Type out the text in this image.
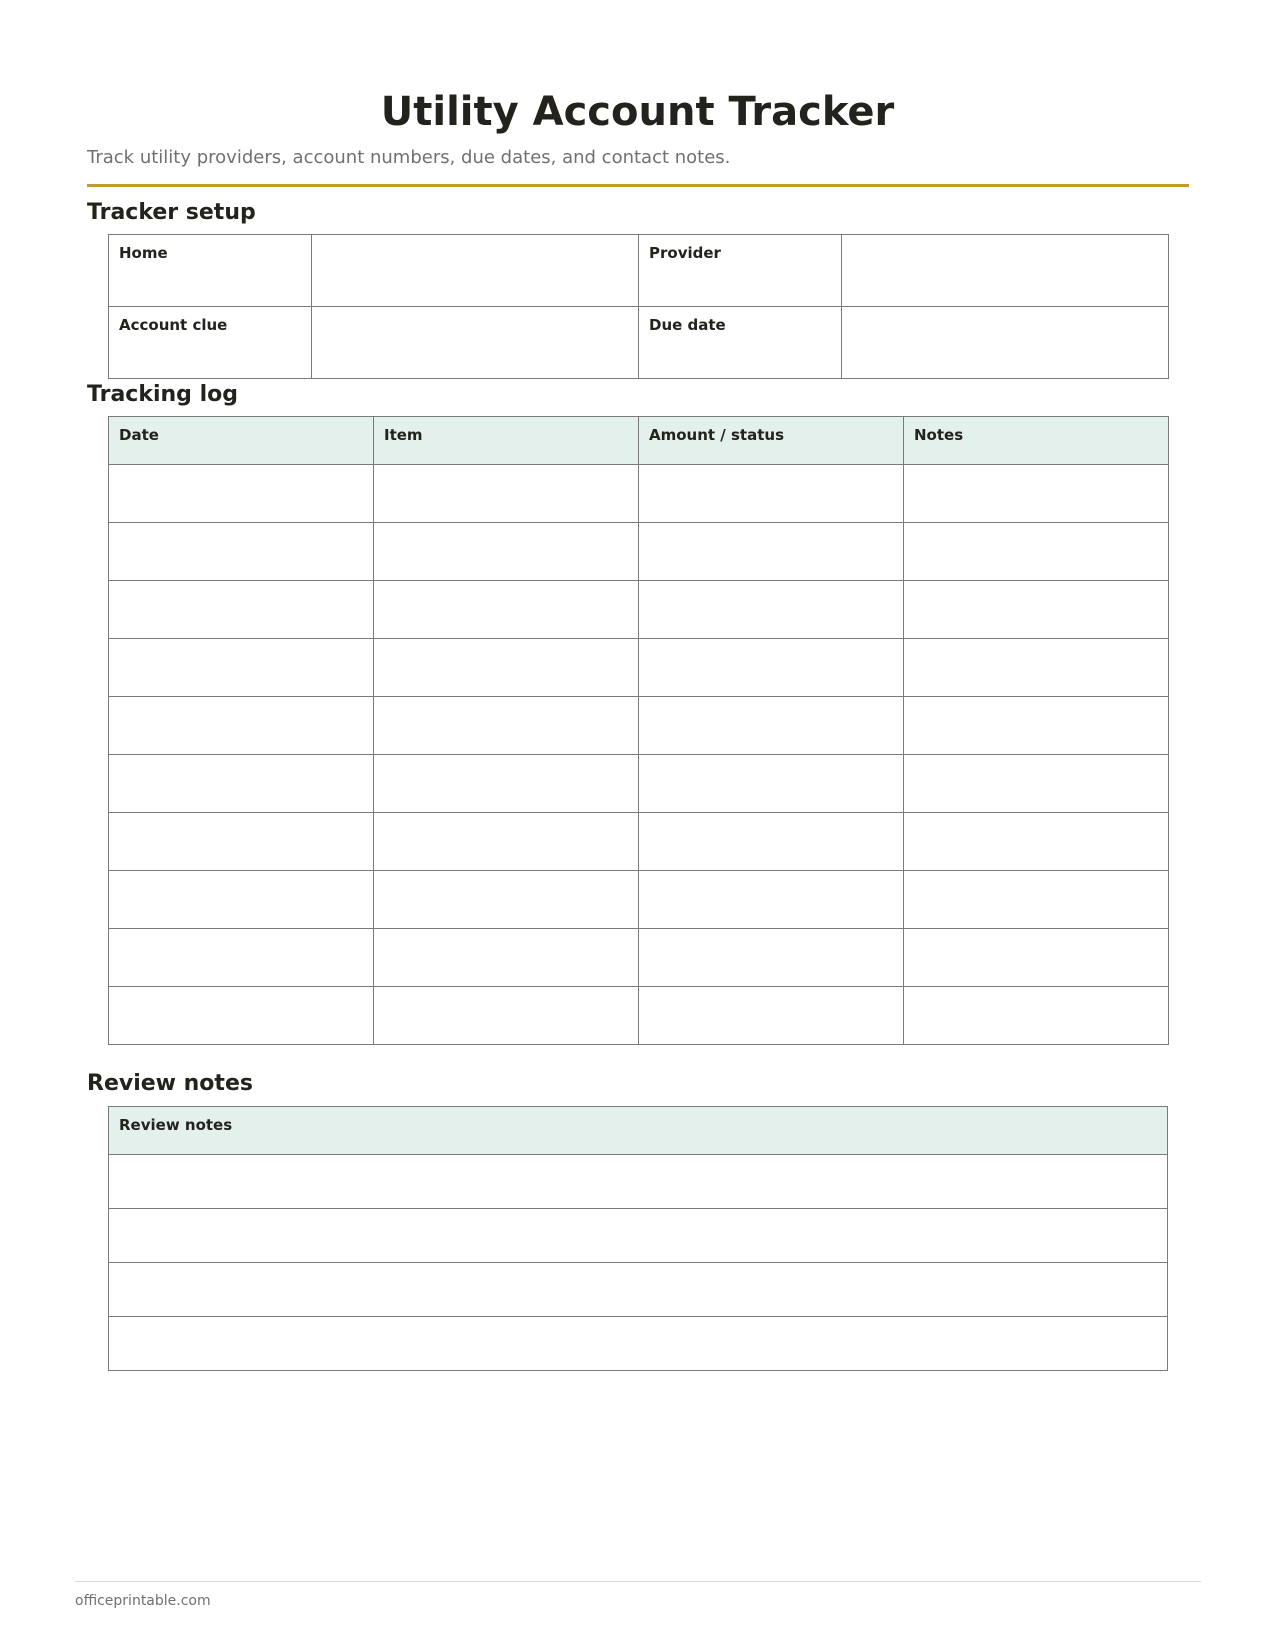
Utility Account Tracker

Track utility providers, account numbers, due dates, and contact notes.

Tracker setup
Home		Provider	
Account clue		Due date	
Tracking log
Date	Item	Amount / status	Notes

Review notes
Review notes

officeprintable.com
